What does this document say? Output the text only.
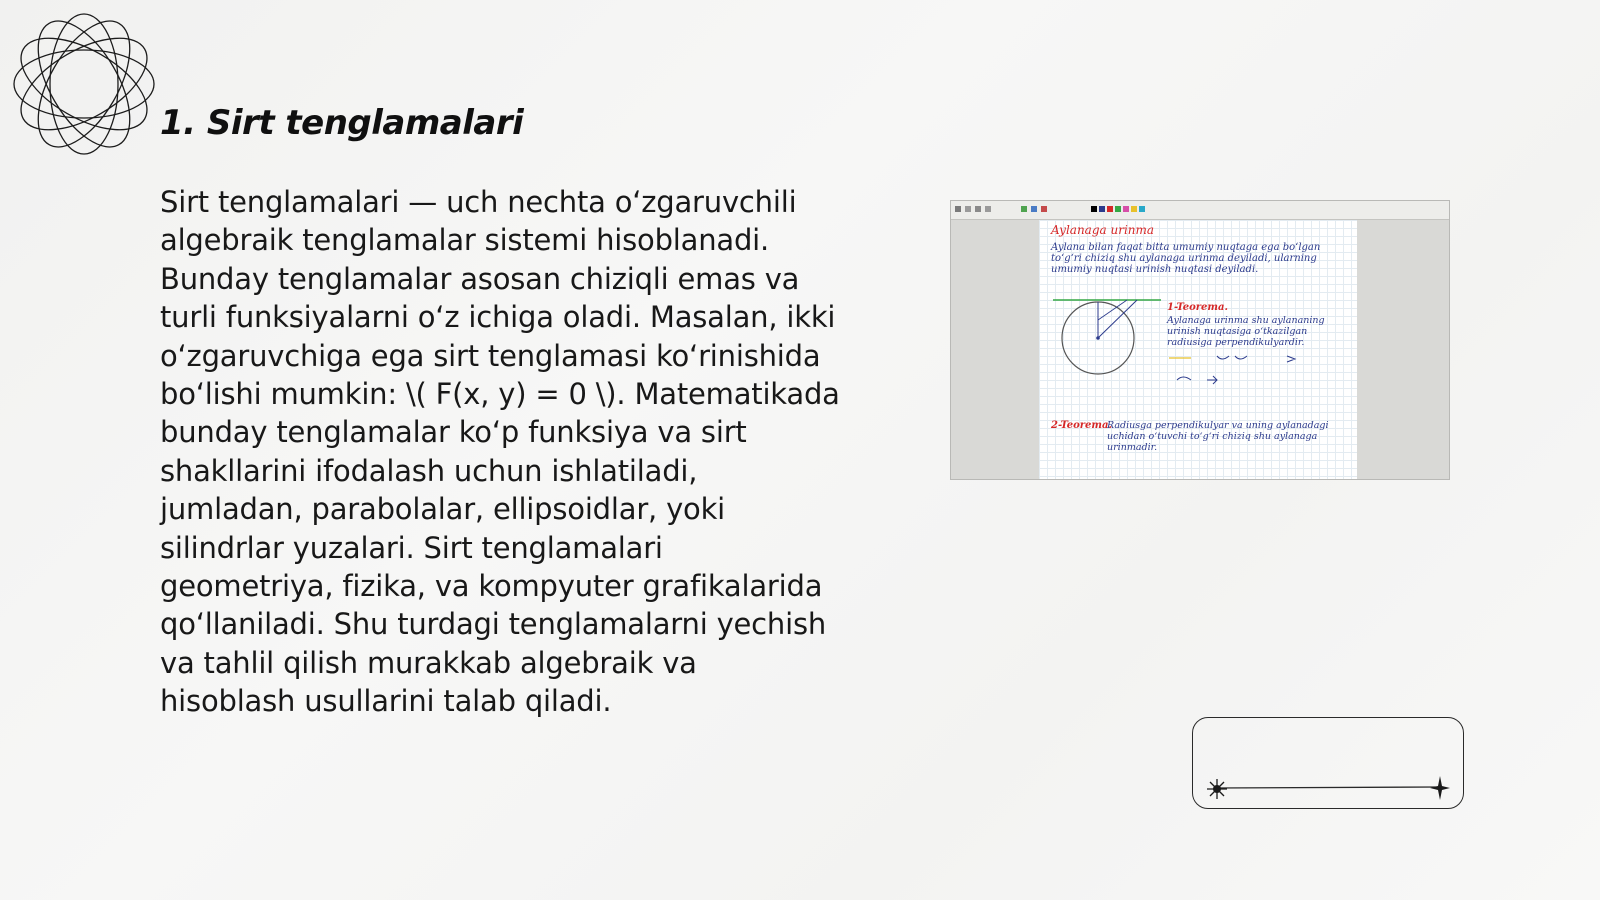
1. Sirt tenglamalari

Sirt tenglamalari — uch nechta o‘zgaruvchili algebraik tenglamalar sistemi hisoblanadi. Bunday tenglamalar asosan chiziqli emas va turli funksiyalarni o‘z ichiga oladi. Masalan, ikki o‘zgaruvchiga ega sirt tenglamasi ko‘rinishida bo‘lishi mumkin: \( F(x, y) = 0 \). Matematikada bunday tenglamalar ko‘p funksiya va sirt shakllarini ifodalash uchun ishlatiladi, jumladan, parabolalar, ellipsoidlar, yoki silindrlar yuzalari. Sirt tenglamalari geometriya, fizika, va kompyuter grafikalarida qo‘llaniladi. Shu turdagi tenglamalarni yechish va tahlil qilish murakkab algebraik va hisoblash usullarini talab qiladi.

Aylanaga urinma
Aylana bilan faqat bitta umumiy nuqtaga ega bo‘lgan to‘g‘ri chiziq shu aylanaga urinma deyiladi, ularning umumiy nuqtasi urinish nuqtasi deyiladi.
1-Teorema.
Aylanaga urinma shu aylananing urinish nuqtasiga o‘tkazilgan radiusiga perpendikulyardir.
2-Teorema.
Radiusga perpendikulyar va uning aylanadagi uchidan o‘tuvchi to‘g‘ri chiziq shu aylanaga urinmadir.
